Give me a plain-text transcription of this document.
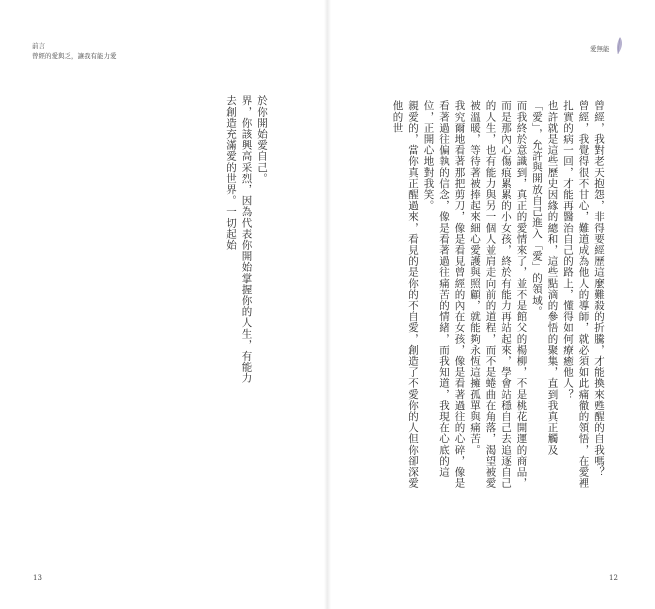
前言
曾經的愛與乏，讓我有能力愛

於你開始愛自己。

界，你該興高采烈，因為代表你開始掌握你的人生，有能力去創造充滿愛的世界。一切起始

13
愛無能

曾經，我對老天抱怨，非得要經歷這麼難殺的折騰，才能換來甦醒的自我嗎？

曾經，我覺得很不甘心，難道成為他人的導師，就必須如此痛徹的領悟，在愛裡扎實的病一回，才能再醫治自己的路上，懂得如何療癒他人？

也許就是這些歷史因緣的總和，這些點滴的參悟的聚集，直到我真正觸及「愛」，允許與開放自己進入「愛」的領域。

而我終於意識到，真正的愛情來了，並不是館父的楊柳，不是桃花開運的商品，而是那內心傷痕累累的小女孩，終於有能力再站起來，學會站穩自己去追逐自己的人生，也有能力與另一個人並肩走向前的道程，而不是蜷曲在角落，渴望被愛被溫暖，等待著被捧起來細心愛護與照顧，就能夠永恆這擁孤單與痛苦。

我究爾地看著那把剪刀，像是看見曾經的內在女孩，像是看著過往的心碎，像是看著過往偏執的信念，像是看著過往痛苦的情緒，而我知道，我現在心底的這位，正開心地對我笑。

親愛的，當你真正醒過來，看見的是你的不自愛，創造了不愛你的人但你卻深愛他的世

12
